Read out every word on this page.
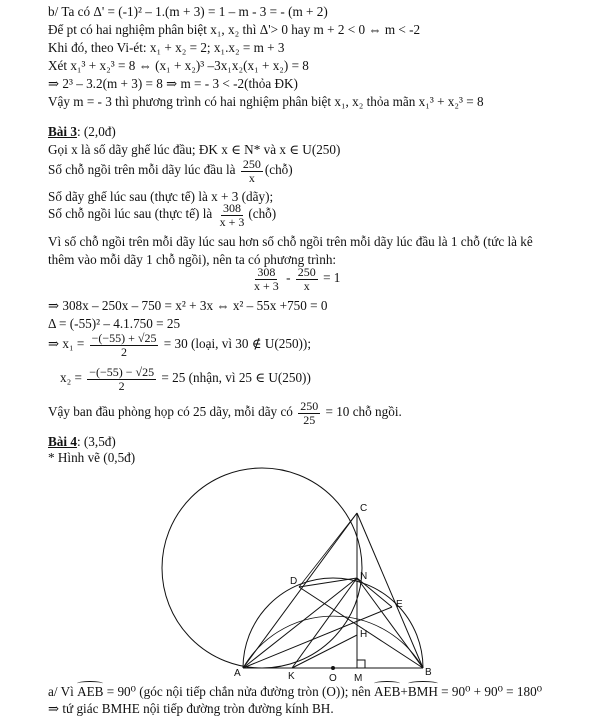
b/ Ta có Δ' = (-1)² – 1.(m + 3) = 1 – m - 3 = - (m + 2)
Để pt có hai nghiệm phân biệt x₁, x₂ thì Δ'> 0 hay m + 2 < 0 ⇔ m < -2
Khi đó, theo Vi-ét: x₁ + x₂ = 2; x₁.x₂ = m + 3
Xét x₁³ + x₂³ = 8 ⇔ (x₁ + x₂)³ –3x₁x₂(x₁ + x₂) = 8
⇒ 2³ – 3.2(m + 3) = 8 ⇒ m = - 3 < -2(thỏa ĐK)
Vậy m = - 3 thì phương trình có hai nghiệm phân biệt x₁, x₂ thỏa mãn x₁³ + x₂³ = 8
Bài 3: (2,0đ)
Gọi x là số dãy ghế lúc đầu; ĐK x ∈ N* và x ∈ U(250)
Số chỗ ngồi trên mỗi dãy lúc đầu là $\frac{250}{x}$ (chỗ)
Số dãy ghế lúc sau (thực tế) là x + 3 (dãy);
Số chỗ ngồi lúc sau (thực tế) là $\frac{308}{x + 3}$ (chỗ)
Vì số chỗ ngồi trên mỗi dãy lúc sau hơn số chỗ ngồi trên mỗi dãy lúc đầu là 1 chỗ (tức là kê
thêm vào mỗi dãy 1 chỗ ngồi), nên ta có phương trình:
$\frac{308}{x + 3} - \frac{250}{x} = 1$
⇒ 308x – 250x – 750 = x² + 3x ⇔ x² – 55x +750 = 0
Δ = (-55)² – 4.1.750 = 25
⇒ $x_1 = \frac{-(-55) + √25}{2} = 30$ (loại, vì 30 ∉ U(250));
$x_2 = \frac{-(-55) - √25}{2} = 25$ (nhận, vì 25 ∈ U(250))
Vậy ban đầu phòng họp có 25 dãy, mỗi dãy có $\frac{250}{25} = 10$ chỗ ngồi.
Bài 4: (3,5đ)
* Hình vẽ (0,5đ)
C
D	N
E
H
A	K	O M
B
a/ Vì AEB = 90⁰ (góc nội tiếp chắn nửa đường tròn (O)); nên AEB+BMH = 90⁰ + 90⁰ = 180⁰
⇒ tứ giác BMHE nội tiếp đường tròn đường kính BH.
